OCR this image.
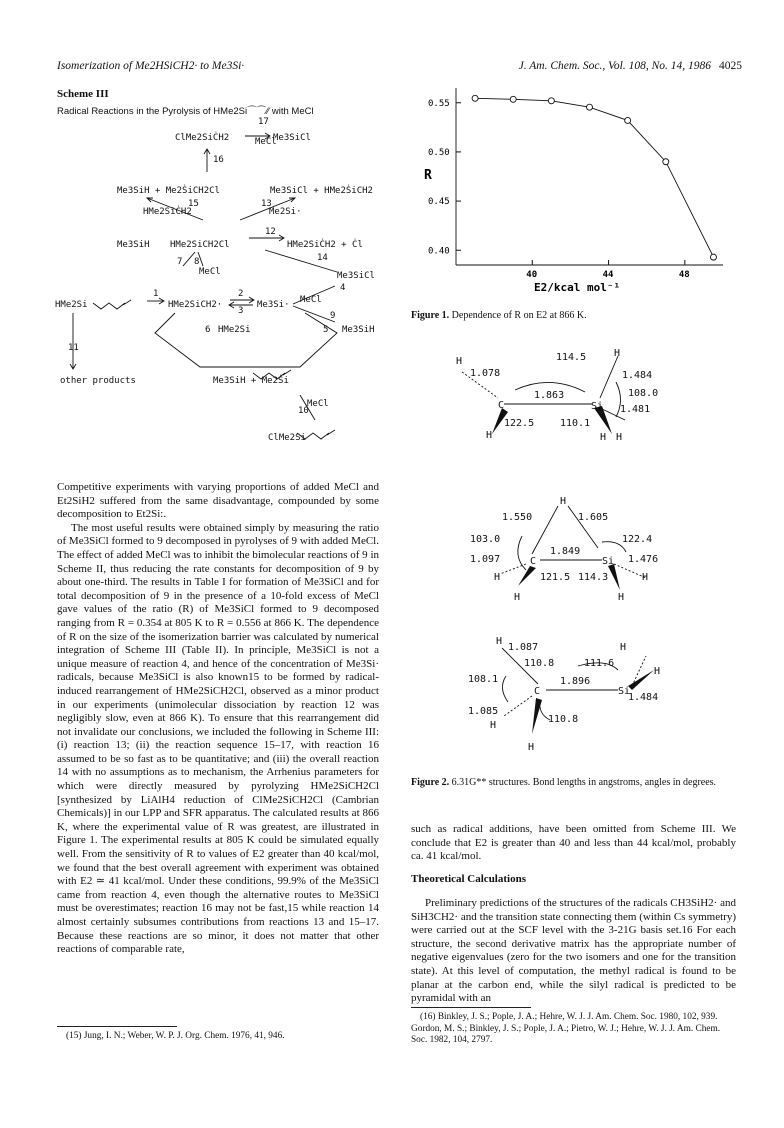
Isomerization of Me2HSiCH2· to Me3Si·	J. Am. Chem. Soc., Vol. 108, No. 14, 1986 4025
Scheme III
Radical Reactions in the Pyrolysis of HMe2Si⌒⌒⁄⁄ with MeCl
ClMe2SiĊH2	Me3SiCl
Me3SiH + Me2ṠiCH2Cl	Me3SiCl + HMe2ṠiCH2
Me3SiH HMe2SiCH2Cl	HMe2SiĊH2 + Ċl
Me3SiCl
HMe2Si	HMe2SiCH2·	Me3Si·
Me3SiH
other products	Me3SiH + Me2Ṡi
ClMe2Si
17
MeCl
16
15
HMe2SiĊH2
13
Me2Si·
12
14
7 8
MeCl
1	2
3
MeCl
4
9
6 HMe2Si	5
11
10
MeCl
0.40
0.45
0.50
0.55
40	44	48
R
E2/kcal mol⁻¹
Figure 1. Dependence of R on E2 at 866 K.
H
1.078
114.5	H
1.863
1.484
108.0
1.481
C	Si
122.5	110.1
H	H H
H
1.550	1.605
103.0	122.4
1.849
1.097	1.476
C	Si
H	H
121.5 114.3
H	H
H
1.087	H
110.8	111.6
H
108.1	1.896
C	Si
1.484
1.085
110.8
H
H
Figure 2. 6.31G** structures. Bond lengths in angstroms, angles in degrees.

Competitive experiments with varying proportions of added MeCl and Et2SiH2 suffered from the same disadvantage, compounded by some decomposition to Et2Si:.

The most useful results were obtained simply by measuring the ratio of Me3SiCl formed to 9 decomposed in pyrolyses of 9 with added MeCl. The effect of added MeCl was to inhibit the bimolecular reactions of 9 in Scheme II, thus reducing the rate constants for decomposition of 9 by about one-third. The results in Table I for formation of Me3SiCl and for total decomposition of 9 in the presence of a 10-fold excess of MeCl gave values of the ratio (R) of Me3SiCl formed to 9 decomposed ranging from R = 0.354 at 805 K to R = 0.556 at 866 K. The dependence of R on the size of the isomerization barrier was calculated by numerical integration of Scheme III (Table II). In principle, Me3SiCl is not a unique measure of reaction 4, and hence of the concentration of Me3Si· radicals, because Me3SiCl is also known15 to be formed by radical-induced rearrangement of HMe2SiCH2Cl, observed as a minor product in our experiments (unimolecular dissociation by reaction 12 was negligibly slow, even at 866 K). To ensure that this rearrangement did not invalidate our conclusions, we included the following in Scheme III: (i) reaction 13; (ii) the reaction sequence 15–17, with reaction 16 assumed to be so fast as to be quantitative; and (iii) the overall reaction 14 with no assumptions as to mechanism, the Arrhenius parameters for which were directly measured by pyrolyzing HMe2SiCH2Cl [synthesized by LiAlH4 reduction of ClMe2SiCH2Cl (Cambrian Chemicals)] in our LPP and SFR apparatus. The calculated results at 866 K, where the experimental value of R was greatest, are illustrated in Figure 1. The experimental results at 805 K could be simulated equally well. From the sensitivity of R to values of E2 greater than 40 kcal/mol, we found that the best overall agreement with experiment was obtained with E2 ≃ 41 kcal/mol. Under these conditions, 99.9% of the Me3SiCl came from reaction 4, even though the alternative routes to Me3SiCl must be overestimates; reaction 16 may not be fast,15 while reaction 14 almost certainly subsumes contributions from reactions 13 and 15–17. Because these reactions are so minor, it does not matter that other reactions of comparable rate,

such as radical additions, have been omitted from Scheme III. We conclude that E2 is greater than 40 and less than 44 kcal/mol, probably ca. 41 kcal/mol.
Theoretical Calculations

Preliminary predictions of the structures of the radicals CH3SiH2· and SiH3CH2· and the transition state connecting them (within Cs symmetry) were carried out at the SCF level with the 3-21G basis set.16 For each structure, the second derivative matrix has the appropriate number of negative eigenvalues (zero for the two isomers and one for the transition state). At this level of computation, the methyl radical is found to be planar at the carbon end, while the silyl radical is predicted to be pyramidal with an

(15) Jung, I. N.; Weber, W. P. J. Org. Chem. 1976, 41, 946.
(16) Binkley, J. S.; Pople, J. A.; Hehre, W. J. J. Am. Chem. Soc. 1980, 102, 939. Gordon, M. S.; Binkley, J. S.; Pople, J. A.; Pietro, W. J.; Hehre, W. J. J. Am. Chem. Soc. 1982, 104, 2797.
